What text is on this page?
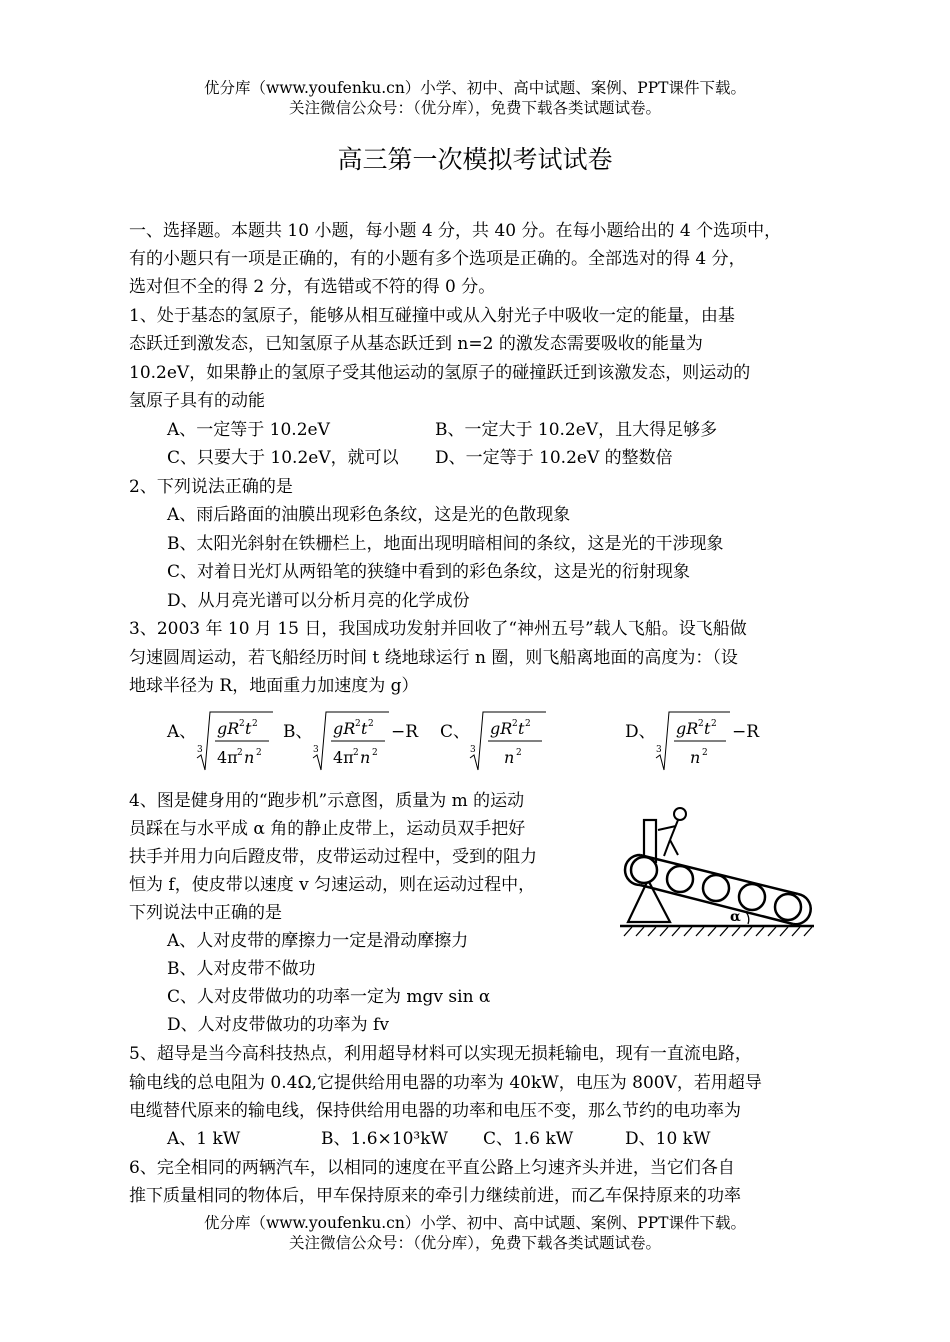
优分库（www.youfenku.cn）小学、初中、高中试题、案例、PPT课件下载。
关注微信公众号：（优分库），免费下载各类试题试卷。
高三第一次模拟考试试卷
一、选择题。本题共 10 小题，每小题 4 分，共 40 分。在每小题给出的 4 个选项中，
有的小题只有一项是正确的，有的小题有多个选项是正确的。全部选对的得 4 分，
选对但不全的得 2 分，有选错或不符的得 0 分。
1、处于基态的氢原子，能够从相互碰撞中或从入射光子中吸收一定的能量，由基
态跃迁到激发态，已知氢原子从基态跃迁到 n=2 的激发态需要吸收的能量为
10.2eV，如果静止的氢原子受其他运动的氢原子的碰撞跃迁到该激发态，则运动的
氢原子具有的动能
A、一定等于 10.2eV	B、一定大于 10.2eV，且大得足够多
C、只要大于 10.2eV，就可以 D、一定等于 10.2eV 的整数倍
2、下列说法正确的是
A、雨后路面的油膜出现彩色条纹，这是光的色散现象
B、太阳光斜射在铁栅栏上，地面出现明暗相间的条纹，这是光的干涉现象
C、对着日光灯从两铅笔的狭缝中看到的彩色条纹，这是光的衍射现象
D、从月亮光谱可以分析月亮的化学成份
3、2003 年 10 月 15 日，我国成功发射并回收了“神州五号”载人飞船。设飞船做
匀速圆周运动，若飞船经历时间 t 绕地球运行 n 圈，则飞船离地面的高度为：（设
地球半径为 R，地面重力加速度为 g）
A、
3
gR 2 t 2
4π 2 n 2
B、
3
gR 2 t 2
4π 2 n 2
−R C、
3
gR 2 t 2
n 2
D、
3
gR 2 t 2
n 2
−R
4、图是健身用的“跑步机”示意图，质量为 m 的运动
员踩在与水平成 α 角的静止皮带上，运动员双手把好
扶手并用力向后蹬皮带，皮带运动过程中，受到的阻力
恒为 f，使皮带以速度 v 匀速运动，则在运动过程中，
下列说法中正确的是
A、人对皮带的摩擦力一定是滑动摩擦力
B、人对皮带不做功
C、人对皮带做功的功率一定为 mgv sin α
D、人对皮带做功的功率为 fv
α
5、超导是当今高科技热点，利用超导材料可以实现无损耗输电，现有一直流电路，
输电线的总电阻为 0.4Ω,它提供给用电器的功率为 40kW，电压为 800V，若用超导
电缆替代原来的输电线，保持供给用电器的功率和电压不变，那么节约的电功率为
A、1 kW	B、1.6×10³kW C、1.6 kW	D、10 kW
6、完全相同的两辆汽车，以相同的速度在平直公路上匀速齐头并进，当它们各自
推下质量相同的物体后，甲车保持原来的牵引力继续前进，而乙车保持原来的功率
优分库（www.youfenku.cn）小学、初中、高中试题、案例、PPT课件下载。
关注微信公众号：（优分库），免费下载各类试题试卷。
